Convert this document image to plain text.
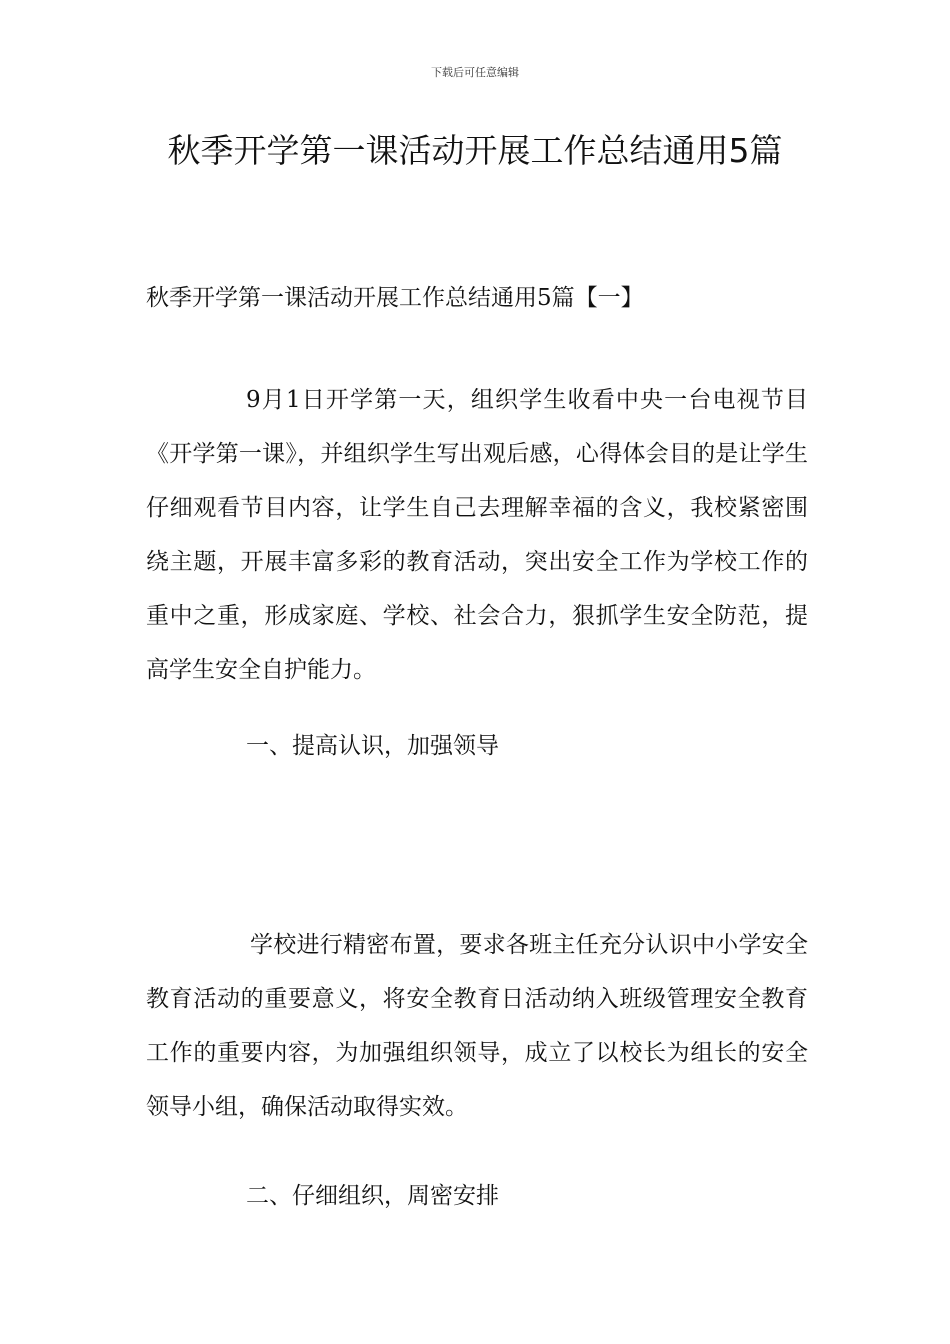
下载后可任意编辑
秋季开学第一课活动开展工作总结通用5篇

秋季开学第一课活动开展工作总结通用5篇【一】

9月1日开学第一天，组织学生收看中央一台电视节目《开学第一课》，并组织学生写出观后感，心得体会目的是让学生仔细观看节目内容，让学生自己去理解幸福的含义，我校紧密围绕主题，开展丰富多彩的教育活动，突出安全工作为学校工作的重中之重，形成家庭、学校、社会合力，狠抓学生安全防范，提高学生安全自护能力。

一、提高认识，加强领导

学校进行精密布置，要求各班主任充分认识中小学安全教育活动的重要意义，将安全教育日活动纳入班级管理安全教育工作的重要内容，为加强组织领导，成立了以校长为组长的安全领导小组，确保活动取得实效。

二、仔细组织，周密安排
